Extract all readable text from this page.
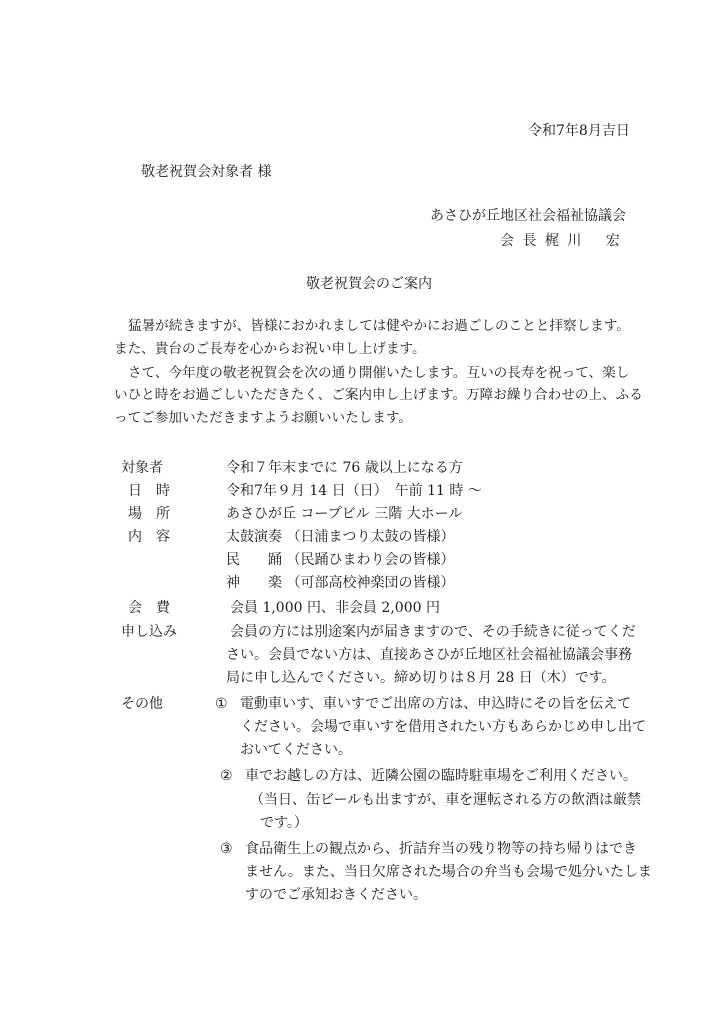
令和7年8月吉日
敬老祝賀会対象者 様
あさひが丘地区社会福祉協議会
会 長 梶 川　 宏
敬老祝賀会のご案内
猛暑が続きますが、皆様におかれましては健やかにお過ごしのことと拝察します。
また、貴台のご長寿を心からお祝い申し上げます。
さて、今年度の敬老祝賀会を次の通り開催いたします。互いの長寿を祝って、楽し
いひと時をお過ごしいただきたく、ご案内申し上げます。万障お繰り合わせの上、ふる
ってご参加いただきますようお願いいたします。
対象者	令和７年末までに 76 歳以上になる方
日　時	令和7年９月 14 日（日）　午前 11 時 ～
場　所	あさひが丘 コープビル 三階 大ホール
内　容	太鼓演奏 （日浦まつり太鼓の皆様）
民　　踊 （民踊ひまわり会の皆様）
神　　楽 （可部高校神楽団の皆様）
会　費	会員 1,000 円、非会員 2,000 円
申し込み	会員の方には別途案内が届きますので、その手続きに従ってくだ
さい。会員でない方は、直接あさひが丘地区社会福祉協議会事務
局に申し込んでください。締め切りは８月 28 日（木）です。
その他	① 電動車いす、車いすでご出席の方は、申込時にその旨を伝えて
ください。会場で車いすを借用されたい方もあらかじめ申し出て
おいてください。
② 車でお越しの方は、近隣公園の臨時駐車場をご利用ください。
（当日、缶ビールも出ますが、車を運転される方の飲酒は厳禁
です。）
③ 食品衛生上の観点から、折詰弁当の残り物等の持ち帰りはでき
ません。また、当日欠席された場合の弁当も会場で処分いたしま
すのでご承知おきください。
